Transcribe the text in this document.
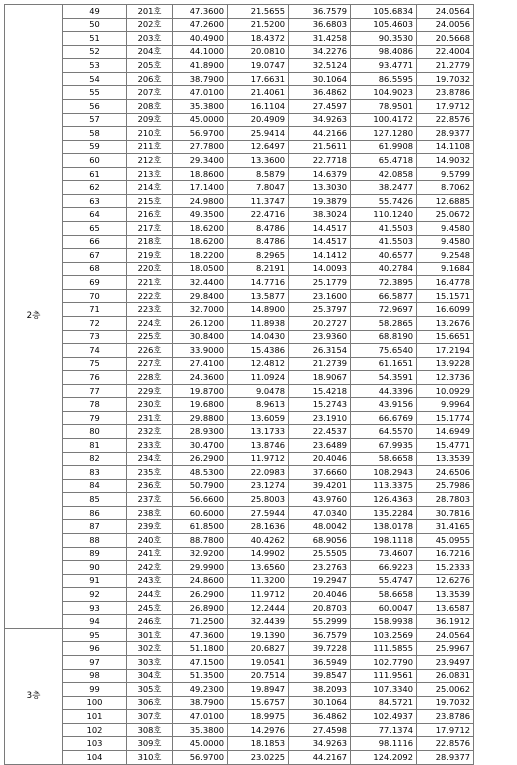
2층	49	201호	47.3600	21.5655	36.7579	105.6834	24.0564
	50	202호	47.2600	21.5200	36.6803	105.4603	24.0056
	51	203호	40.4900	18.4372	31.4258	90.3530	20.5668
	52	204호	44.1000	20.0810	34.2276	98.4086	22.4004
	53	205호	41.8900	19.0747	32.5124	93.4771	21.2779
	54	206호	38.7900	17.6631	30.1064	86.5595	19.7032
	55	207호	47.0100	21.4061	36.4862	104.9023	23.8786
	56	208호	35.3800	16.1104	27.4597	78.9501	17.9712
	57	209호	45.0000	20.4909	34.9263	100.4172	22.8576
	58	210호	56.9700	25.9414	44.2166	127.1280	28.9377
	59	211호	27.7800	12.6497	21.5611	61.9908	14.1108
	60	212호	29.3400	13.3600	22.7718	65.4718	14.9032
	61	213호	18.8600	8.5879	14.6379	42.0858	9.5799
	62	214호	17.1400	7.8047	13.3030	38.2477	8.7062
	63	215호	24.9800	11.3747	19.3879	55.7426	12.6885
	64	216호	49.3500	22.4716	38.3024	110.1240	25.0672
	65	217호	18.6200	8.4786	14.4517	41.5503	9.4580
	66	218호	18.6200	8.4786	14.4517	41.5503	9.4580
	67	219호	18.2200	8.2965	14.1412	40.6577	9.2548
	68	220호	18.0500	8.2191	14.0093	40.2784	9.1684
	69	221호	32.4400	14.7716	25.1779	72.3895	16.4778
	70	222호	29.8400	13.5877	23.1600	66.5877	15.1571
	71	223호	32.7000	14.8900	25.3797	72.9697	16.6099
	72	224호	26.1200	11.8938	20.2727	58.2865	13.2676
	73	225호	30.8400	14.0430	23.9360	68.8190	15.6651
	74	226호	33.9000	15.4386	26.3154	75.6540	17.2194
	75	227호	27.4100	12.4812	21.2739	61.1651	13.9228
	76	228호	24.3600	11.0924	18.9067	54.3591	12.3736
	77	229호	19.8700	9.0478	15.4218	44.3396	10.0929
	78	230호	19.6800	8.9613	15.2743	43.9156	9.9964
	79	231호	29.8800	13.6059	23.1910	66.6769	15.1774
	80	232호	28.9300	13.1733	22.4537	64.5570	14.6949
	81	233호	30.4700	13.8746	23.6489	67.9935	15.4771
	82	234호	26.2900	11.9712	20.4046	58.6658	13.3539
	83	235호	48.5300	22.0983	37.6660	108.2943	24.6506
	84	236호	50.7900	23.1274	39.4201	113.3375	25.7986
	85	237호	56.6600	25.8003	43.9760	126.4363	28.7803
	86	238호	60.6000	27.5944	47.0340	135.2284	30.7816
	87	239호	61.8500	28.1636	48.0042	138.0178	31.4165
	88	240호	88.7800	40.4262	68.9056	198.1118	45.0955
	89	241호	32.9200	14.9902	25.5505	73.4607	16.7216
	90	242호	29.9900	13.6560	23.2763	66.9223	15.2333
	91	243호	24.8600	11.3200	19.2947	55.4747	12.6276
	92	244호	26.2900	11.9712	20.4046	58.6658	13.3539
	93	245호	26.8900	12.2444	20.8703	60.0047	13.6587
	94	246호	71.2500	32.4439	55.2999	158.9938	36.1912
3층	95	301호	47.3600	19.1390	36.7579	103.2569	24.0564
	96	302호	51.1800	20.6827	39.7228	111.5855	25.9967
	97	303호	47.1500	19.0541	36.5949	102.7790	23.9497
	98	304호	51.3500	20.7514	39.8547	111.9561	26.0831
	99	305호	49.2300	19.8947	38.2093	107.3340	25.0062
	100	306호	38.7900	15.6757	30.1064	84.5721	19.7032
	101	307호	47.0100	18.9975	36.4862	102.4937	23.8786
	102	308호	35.3800	14.2976	27.4598	77.1374	17.9712
	103	309호	45.0000	18.1853	34.9263	98.1116	22.8576
	104	310호	56.9700	23.0225	44.2167	124.2092	28.9377
